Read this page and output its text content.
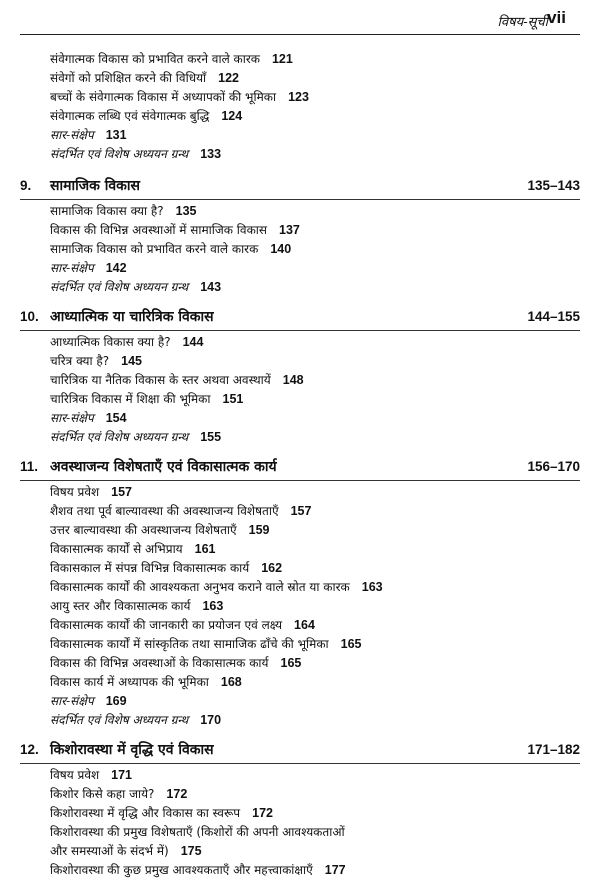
विषय-सूची vii
संवेगात्मक विकास को प्रभावित करने वाले कारक 121
संवेगों को प्रशिक्षित करने की विधियाँ 122
बच्चों के संवेगात्मक विकास में अध्यापकों की भूमिका 123
संवेगात्मक लब्धि एवं संवेगात्मक बुद्धि 124
सार-संक्षेप 131
संदर्भित एवं विशेष अध्ययन ग्रन्थ 133
9. सामाजिक विकास	135–143
सामाजिक विकास क्या है? 135
विकास की विभिन्न अवस्थाओं में सामाजिक विकास 137
सामाजिक विकास को प्रभावित करने वाले कारक 140
सार-संक्षेप 142
संदर्भित एवं विशेष अध्ययन ग्रन्थ 143
10. आध्यात्मिक या चारित्रिक विकास	144–155
आध्यात्मिक विकास क्या है? 144
चरित्र क्या है? 145
चारित्रिक या नैतिक विकास के स्तर अथवा अवस्थायें 148
चारित्रिक विकास में शिक्षा की भूमिका 151
सार-संक्षेप 154
संदर्भित एवं विशेष अध्ययन ग्रन्थ 155
11. अवस्थाजन्य विशेषताएँ एवं विकासात्मक कार्य	156–170
विषय प्रवेश 157
शैशव तथा पूर्व बाल्यावस्था की अवस्थाजन्य विशेषताएँ 157
उत्तर बाल्यावस्था की अवस्थाजन्य विशेषताएँ 159
विकासात्मक कार्यों से अभिप्राय 161
विकासकाल में संपन्न विभिन्न विकासात्मक कार्य 162
विकासात्मक कार्यों की आवश्यकता अनुभव कराने वाले स्रोत या कारक 163
आयु स्तर और विकासात्मक कार्य 163
विकासात्मक कार्यों की जानकारी का प्रयोजन एवं लक्ष्य 164
विकासात्मक कार्यों में सांस्कृतिक तथा सामाजिक ढाँचे की भूमिका 165
विकास की विभिन्न अवस्थाओं के विकासात्मक कार्य 165
विकास कार्य में अध्यापक की भूमिका 168
सार-संक्षेप 169
संदर्भित एवं विशेष अध्ययन ग्रन्थ 170
12. किशोरावस्था में वृद्धि एवं विकास	171–182
विषय प्रवेश 171
किशोर किसे कहा जाये? 172
किशोरावस्था में वृद्धि और विकास का स्वरूप 172
किशोरावस्था की प्रमुख विशेषताएँ (किशोरों की अपनी आवश्यकताओं
और समस्याओं के संदर्भ में) 175
किशोरावस्था की कुछ प्रमुख आवश्यकताएँ और महत्त्वाकांक्षाएँ 177
